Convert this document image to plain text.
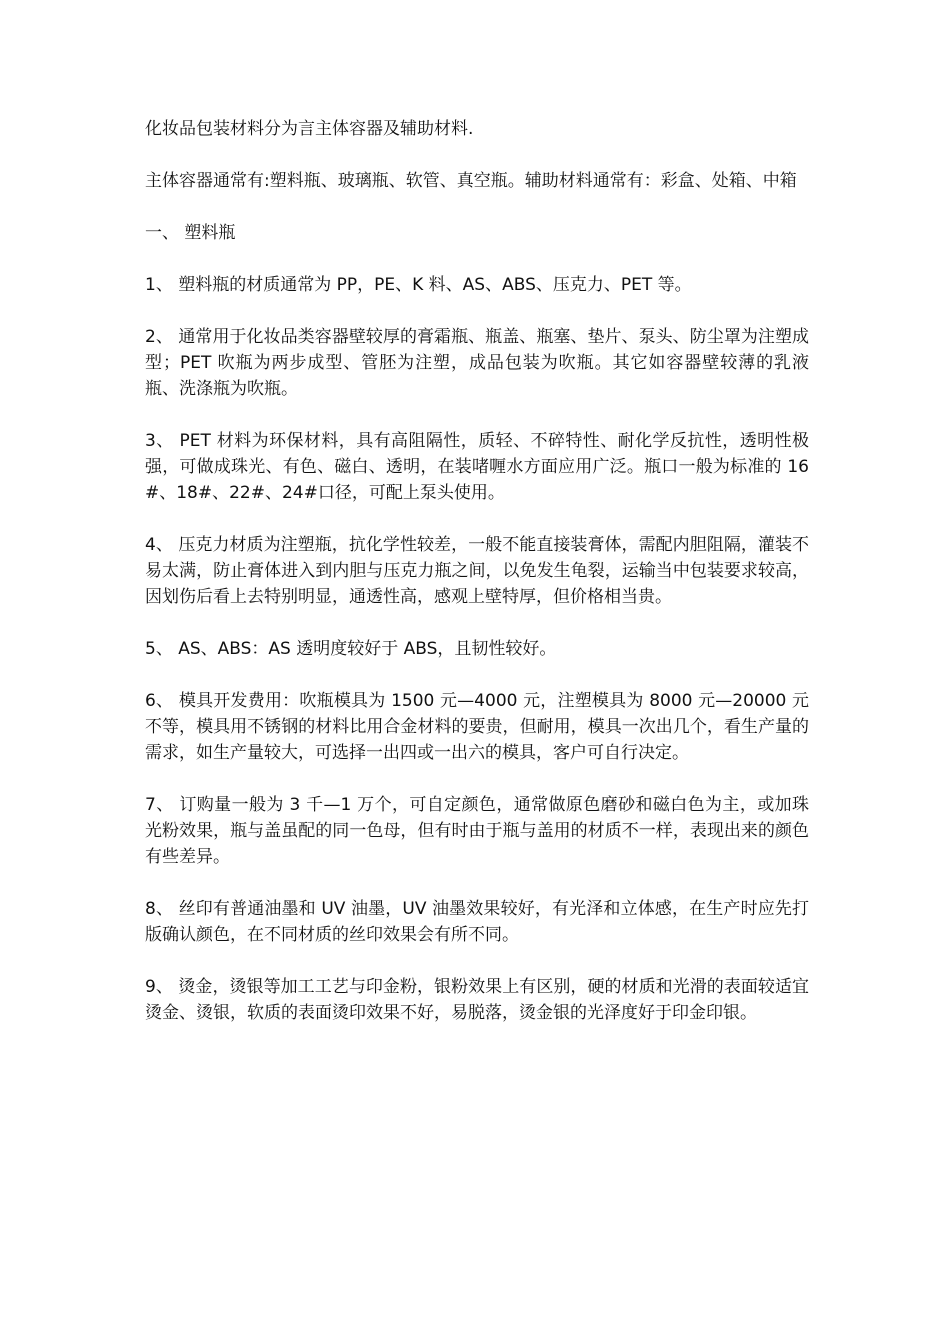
化妆品包装材料分为言主体容器及辅助材料.

主体容器通常有:塑料瓶、玻璃瓶、软管、真空瓶。辅助材料通常有：彩盒、处箱、中箱

一、 塑料瓶

1、 塑料瓶的材质通常为 PP，PE、K 料、AS、ABS、压克力、PET 等。

2、 通常用于化妆品类容器壁较厚的膏霜瓶、瓶盖、瓶塞、垫片、泵头、防尘罩为注塑成型；PET 吹瓶为两步成型、管胚为注塑，成品包装为吹瓶。其它如容器壁较薄的乳液瓶、洗涤瓶为吹瓶。

3、 PET 材料为环保材料，具有高阻隔性，质轻、不碎特性、耐化学反抗性，透明性极强，可做成珠光、有色、磁白、透明，在装啫喱水方面应用广泛。瓶口一般为标准的 16#、18#、22#、24#口径，可配上泵头使用。

4、 压克力材质为注塑瓶，抗化学性较差，一般不能直接装膏体，需配内胆阻隔，灌装不易太满，防止膏体进入到内胆与压克力瓶之间，以免发生龟裂，运输当中包装要求较高，因划伤后看上去特别明显，通透性高，感观上壁特厚，但价格相当贵。

5、 AS、ABS：AS 透明度较好于 ABS，且韧性较好。

6、 模具开发费用：吹瓶模具为 1500 元—4000 元，注塑模具为 8000 元—20000 元不等，模具用不锈钢的材料比用合金材料的要贵，但耐用，模具一次出几个，看生产量的需求，如生产量较大，可选择一出四或一出六的模具，客户可自行决定。

7、 订购量一般为 3 千—1 万个，可自定颜色，通常做原色磨砂和磁白色为主，或加珠光粉效果，瓶与盖虽配的同一色母，但有时由于瓶与盖用的材质不一样，表现出来的颜色有些差异。

8、 丝印有普通油墨和 UV 油墨，UV 油墨效果较好，有光泽和立体感，在生产时应先打版确认颜色，在不同材质的丝印效果会有所不同。

9、 烫金，烫银等加工工艺与印金粉，银粉效果上有区别，硬的材质和光滑的表面较适宜烫金、烫银，软质的表面烫印效果不好，易脱落，烫金银的光泽度好于印金印银。
